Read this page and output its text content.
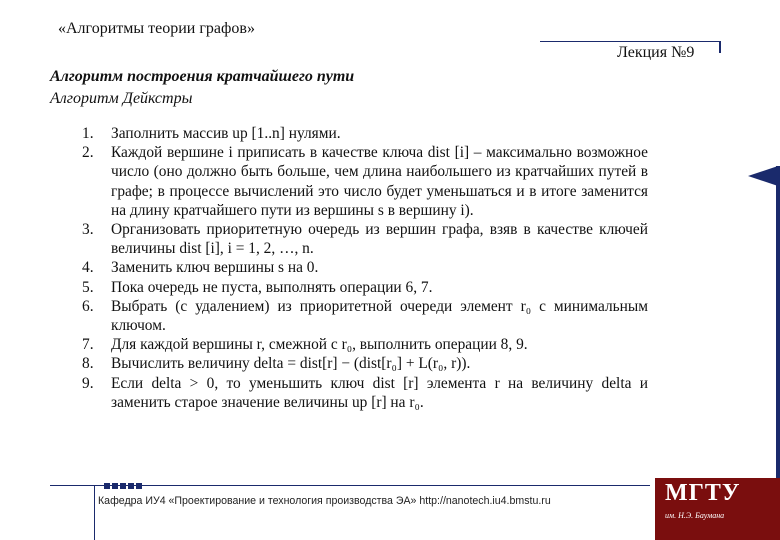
«Алгоритмы теории графов»
Лекция №9
Алгоритм построения кратчайшего пути
Алгоритм Дейкстры
1. Заполнить массив up [1..n] нулями.
2. Каждой вершине i приписать в качестве ключа dist [i] – максимально возможное число (оно должно быть больше, чем длина наибольшего из кратчайших путей в графе; в процессе вычислений это число будет уменьшаться и в итоге заменится на длину кратчайшего пути из вершины s в вершину i).
3. Организовать приоритетную очередь из вершин графа, взяв в качестве ключей величины dist [i], i = 1, 2, …, n.
4. Заменить ключ вершины s на 0.
5. Пока очередь не пуста, выполнять операции 6, 7.
6. Выбрать (с удалением) из приоритетной очереди элемент r₀ с минимальным ключом.
7. Для каждой вершины r, смежной с r₀, выполнить операции 8, 9.
8. Вычислить величину delta = dist[r] − (dist[r₀] + L(r₀, r)).
9. Если delta > 0, то уменьшить ключ dist [r] элемента r на величину delta и заменить старое значение величины up [r] на r₀.
Кафедра ИУ4 «Проектирование и технология производства ЭА» http://nanotech.iu4.bmstu.ru	МГТУ
им. Н.Э. Баумана
